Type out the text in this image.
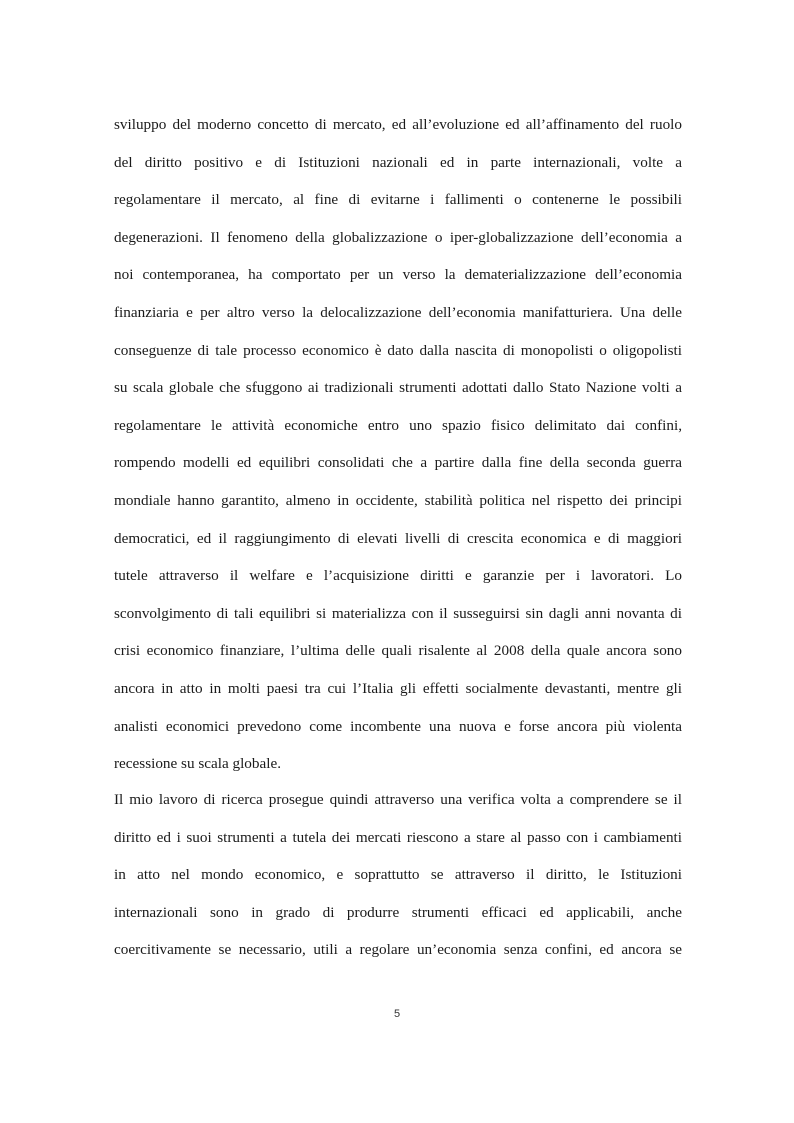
sviluppo del moderno concetto di mercato, ed all’evoluzione ed all’affinamento del ruolo
del diritto positivo e di Istituzioni nazionali ed in parte internazionali, volte a
regolamentare il mercato, al fine di evitarne i fallimenti o contenerne le possibili
degenerazioni. Il fenomeno della globalizzazione o iper-globalizzazione dell’economia a
noi contemporanea, ha comportato per un verso la dematerializzazione dell’economia
finanziaria e per altro verso la delocalizzazione dell’economia manifatturiera. Una delle
conseguenze di tale processo economico è dato dalla nascita di monopolisti o oligopolisti
su scala globale che sfuggono ai tradizionali strumenti adottati dallo Stato Nazione volti a
regolamentare le attività economiche entro uno spazio fisico delimitato dai confini,
rompendo modelli ed equilibri consolidati che a partire dalla fine della seconda guerra
mondiale hanno garantito, almeno in occidente, stabilità politica nel rispetto dei principi
democratici, ed il raggiungimento di elevati livelli di crescita economica e di maggiori
tutele attraverso il welfare e l’acquisizione diritti e garanzie per i lavoratori. Lo
sconvolgimento di tali equilibri si materializza con il susseguirsi sin dagli anni novanta di
crisi economico finanziare, l’ultima delle quali risalente al 2008 della quale ancora sono
ancora in atto in molti paesi tra cui l’Italia gli effetti socialmente devastanti, mentre gli
analisti economici prevedono come incombente una nuova e forse ancora più violenta
recessione su scala globale.
Il mio lavoro di ricerca prosegue quindi attraverso una verifica volta a comprendere se il
diritto ed i suoi strumenti a tutela dei mercati riescono a stare al passo con i cambiamenti
in atto nel mondo economico, e soprattutto se attraverso il diritto, le Istituzioni
internazionali sono in grado di produrre strumenti efficaci ed applicabili, anche
coercitivamente se necessario, utili a regolare un’economia senza confini, ed ancora se
5
